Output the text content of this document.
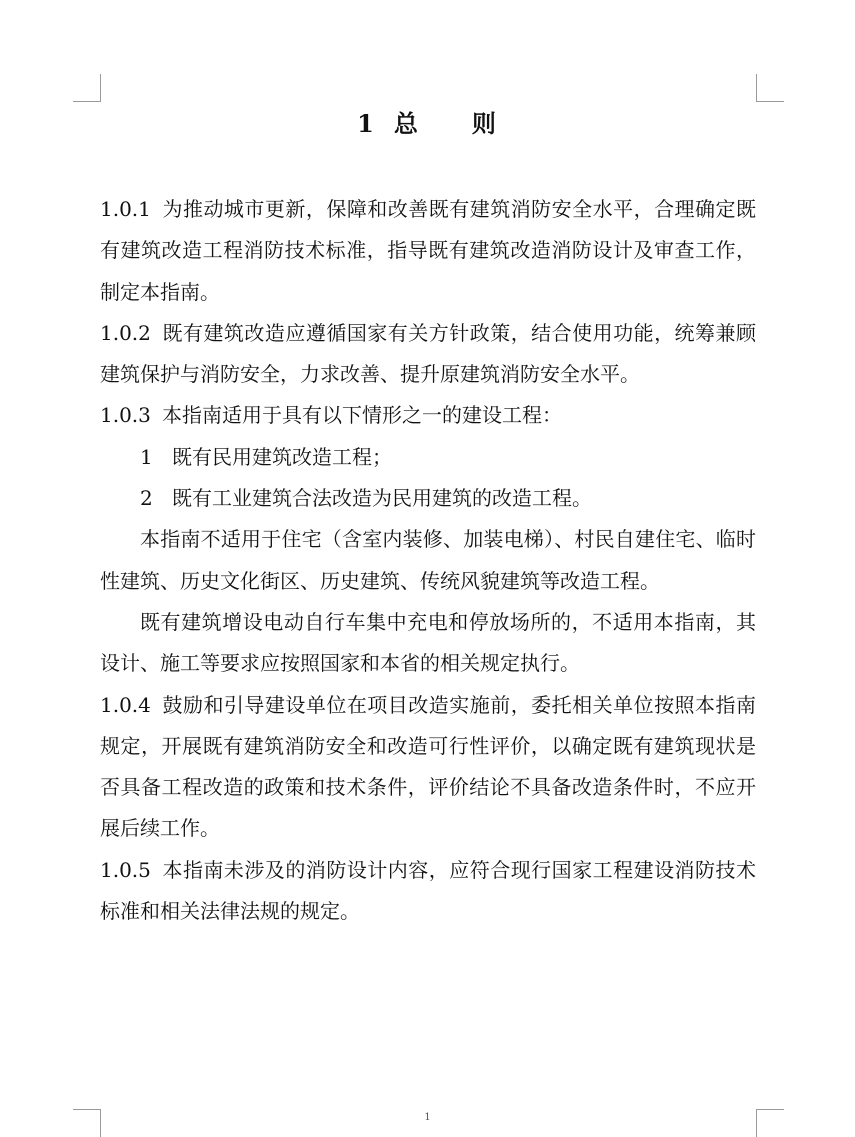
1 总 则

1.0.1 为推动城市更新，保障和改善既有建筑消防安全水平，合理确定既有建筑改造工程消防技术标准，指导既有建筑改造消防设计及审查工作，制定本指南。

1.0.2 既有建筑改造应遵循国家有关方针政策，结合使用功能，统筹兼顾建筑保护与消防安全，力求改善、提升原建筑消防安全水平。

1.0.3 本指南适用于具有以下情形之一的建设工程：

1 既有民用建筑改造工程；

2 既有工业建筑合法改造为民用建筑的改造工程。

本指南不适用于住宅（含室内装修、加装电梯）、村民自建住宅、临时性建筑、历史文化街区、历史建筑、传统风貌建筑等改造工程。

既有建筑增设电动自行车集中充电和停放场所的，不适用本指南，其设计、施工等要求应按照国家和本省的相关规定执行。

1.0.4 鼓励和引导建设单位在项目改造实施前，委托相关单位按照本指南规定，开展既有建筑消防安全和改造可行性评价，以确定既有建筑现状是否具备工程改造的政策和技术条件，评价结论不具备改造条件时，不应开展后续工作。

1.0.5 本指南未涉及的消防设计内容，应符合现行国家工程建设消防技术标准和相关法律法规的规定。

1
